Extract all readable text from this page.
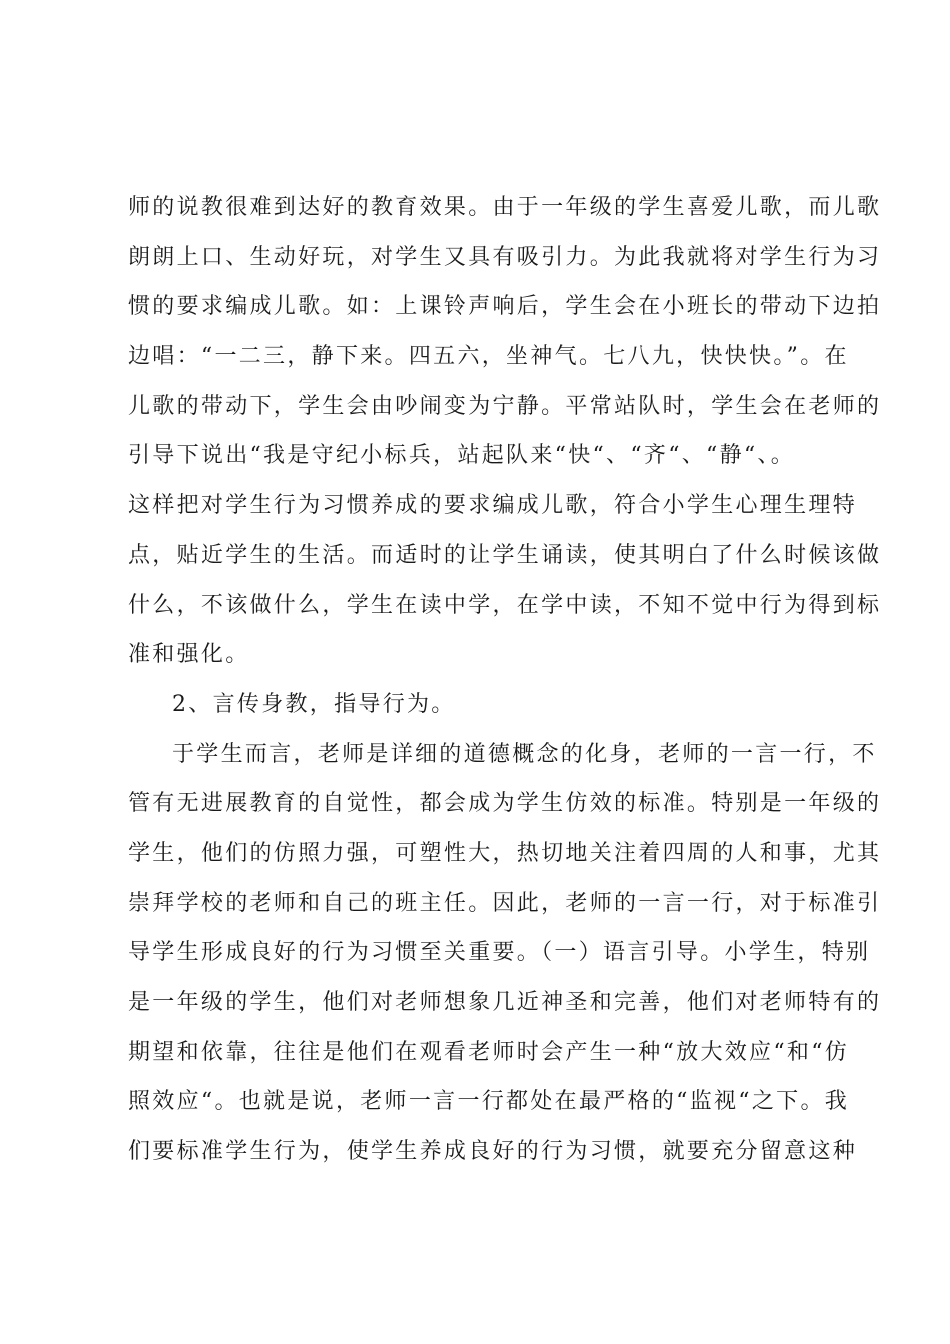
师的说教很难到达好的教育效果。由于一年级的学生喜爱儿歌，而儿歌
朗朗上口、生动好玩，对学生又具有吸引力。为此我就将对学生行为习
惯的要求编成儿歌。如：上课铃声响后，学生会在小班长的带动下边拍
边唱：“一二三，静下来。四五六，坐神气。七八九，快快快。”。在
儿歌的带动下，学生会由吵闹变为宁静。平常站队时，学生会在老师的
引导下说出“我是守纪小标兵，站起队来“快“、“齐“、“静“、。
这样把对学生行为习惯养成的要求编成儿歌，符合小学生心理生理特
点，贴近学生的生活。而适时的让学生诵读，使其明白了什么时候该做
什么，不该做什么，学生在读中学，在学中读，不知不觉中行为得到标
准和强化。
2、言传身教，指导行为。
于学生而言，老师是详细的道德概念的化身，老师的一言一行，不
管有无进展教育的自觉性，都会成为学生仿效的标准。特别是一年级的
学生，他们的仿照力强，可塑性大，热切地关注着四周的人和事，尤其
崇拜学校的老师和自己的班主任。因此，老师的一言一行，对于标准引
导学生形成良好的行为习惯至关重要。（一）语言引导。小学生，特别
是一年级的学生，他们对老师想象几近神圣和完善，他们对老师特有的
期望和依靠，往往是他们在观看老师时会产生一种“放大效应“和“仿
照效应“。也就是说，老师一言一行都处在最严格的“监视“之下。我
们要标准学生行为，使学生养成良好的行为习惯，就要充分留意这种
